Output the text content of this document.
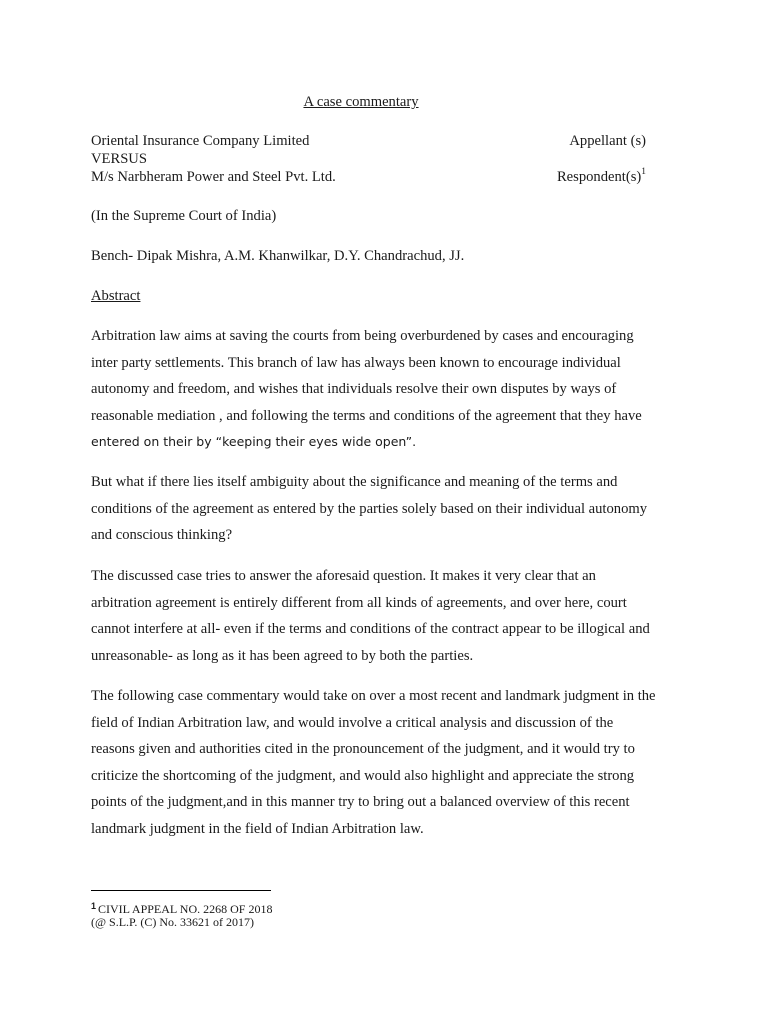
A case commentary
Oriental Insurance Company Limited	Appellant (s)
VERSUS
M/s Narbheram Power and Steel Pvt. Ltd.	$Respondent(s)^1$
(In the Supreme Court of India)
Bench- Dipak Mishra, A.M. Khanwilkar, D.Y. Chandrachud, JJ.
Abstract
Arbitration law aims at saving the courts from being overburdened by cases and encouraging
inter party settlements. This branch of law has always been known to encourage individual
autonomy and freedom, and wishes that individuals resolve their own disputes by ways of
reasonable mediation , and following the terms and conditions of the agreement that they have
entered on their by “keeping their eyes wide open”.
But what if there lies itself ambiguity about the significance and meaning of the terms and
conditions of the agreement as entered by the parties solely based on their individual autonomy
and conscious thinking?
The discussed case tries to answer the aforesaid question. It makes it very clear that an
arbitration agreement is entirely different from all kinds of agreements, and over here, court
cannot interfere at all- even if the terms and conditions of the contract appear to be illogical and
unreasonable- as long as it has been agreed to by both the parties.
The following case commentary would take on over a most recent and landmark judgment in the
field of Indian Arbitration law, and would involve a critical analysis and discussion of the
reasons given and authorities cited in the pronouncement of the judgment, and it would try to
criticize the shortcoming of the judgment, and would also highlight and appreciate the strong
points of the judgment,and in this manner try to bring out a balanced overview of this recent
landmark judgment in the field of Indian Arbitration law.
$^1$ CIVIL APPEAL NO. 2268 OF 2018
(@ S.L.P. (C) No. 33621 of 2017)
